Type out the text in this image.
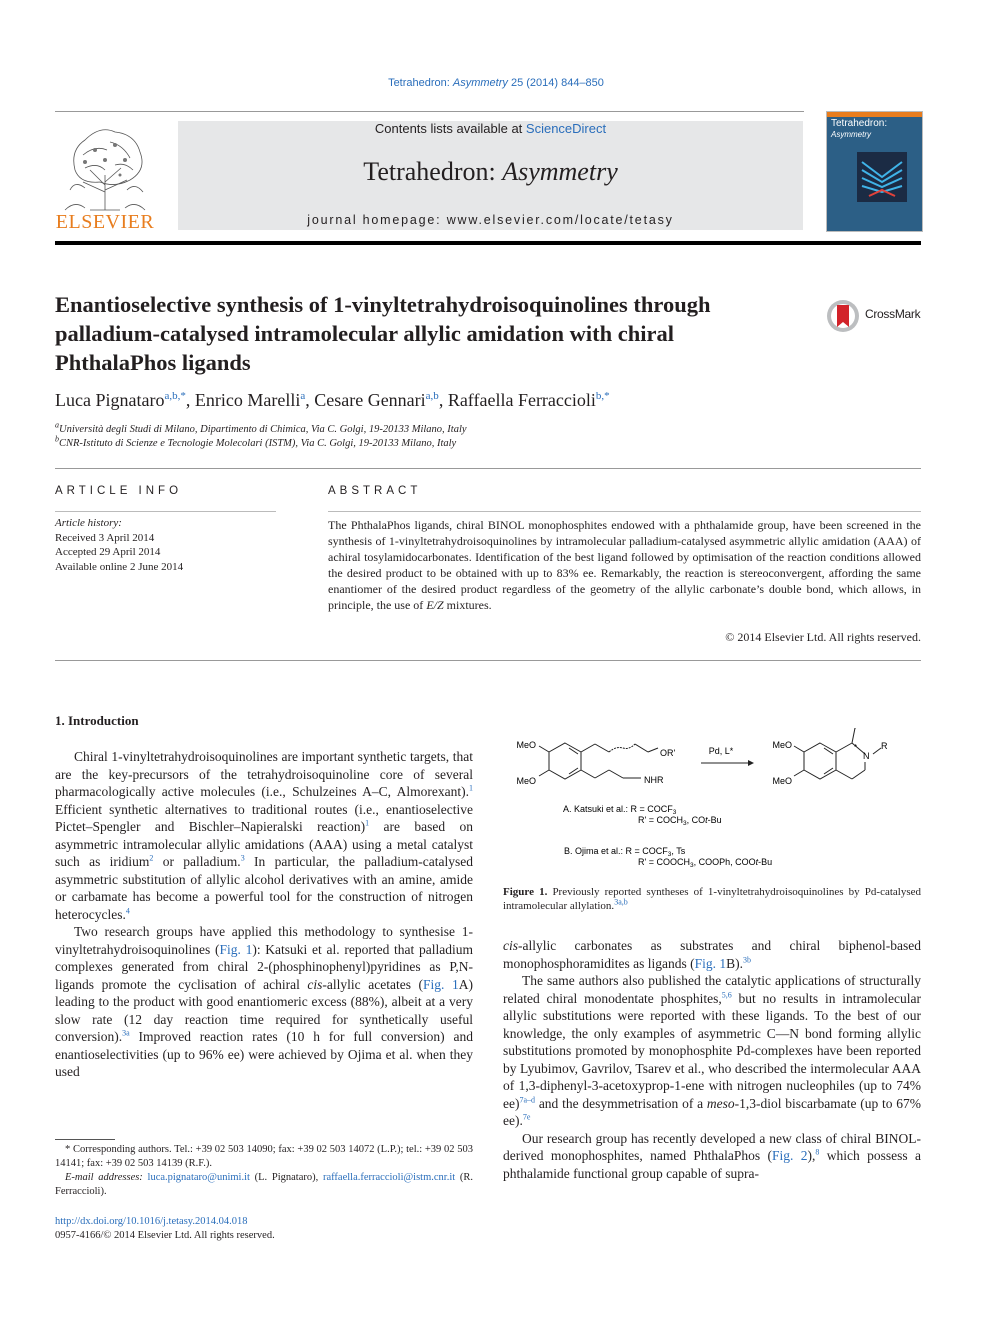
Tetrahedron: Asymmetry 25 (2014) 844–850
ELSEVIER
Contents lists available at ScienceDirect
Tetrahedron: Asymmetry
journal homepage: www.elsevier.com/locate/tetasy
Tetrahedron:
Asymmetry
Enantioselective synthesis of 1-vinyltetrahydroisoquinolines through palladium-catalysed intramolecular allylic amidation with chiral PhthalaPhos ligands
CrossMark
Luca Pignataro$^{a,b,*}$, Enrico Marelli$^a$, Cesare Gennari$^{a,b}$, Raffaella Ferraccioli$^{b,*}$
$^a$Università degli Studi di Milano, Dipartimento di Chimica, Via C. Golgi, 19-20133 Milano, Italy
$^b$CNR-Istituto di Scienze e Tecnologie Molecolari (ISTM), Via C. Golgi, 19-20133 Milano, Italy
ARTICLE INFO
Article history:
Received 3 April 2014
Accepted 29 April 2014
Available online 2 June 2014
ABSTRACT
The PhthalaPhos ligands, chiral BINOL monophosphites endowed with a phthalamide group, have been screened in the synthesis of 1-vinyltetrahydroisoquinolines by intramolecular palladium-catalysed asymmetric allylic amidation (AAA) of achiral tosylamidocarbonates. Identification of the best ligand followed by optimisation of the reaction conditions allowed the desired product to be obtained with up to 83% ee. Remarkably, the reaction is stereoconvergent, affording the same enantiomer of the desired product regardless of the geometry of the allylic carbonate’s double bond, which allows, in principle, the use of E/Z mixtures.
© 2014 Elsevier Ltd. All rights reserved.
1. Introduction

Chiral 1-vinyltetrahydroisoquinolines are important synthetic targets, that are the key-precursors of the tetrahydroisoquinoline core of several pharmacologically active molecules (i.e., Schulzeines A–C, Almorexant).$^1$ Efficient synthetic alternatives to traditional routes (i.e., enantioselective Pictet–Spengler and Bischler–Napieralski reaction)$^1$ are based on asymmetric intramolecular allylic amidations (AAA) using a metal catalyst such as iridium$^2$ or palladium.$^3$ In particular, the palladium-catalysed asymmetric substitution of allylic alcohol derivatives with an amine, amide or carbamate has become a powerful tool for the construction of nitrogen heterocycles.$^4$

Two research groups have applied this methodology to synthesise 1-vinyltetrahydroisoquinolines (Fig. 1): Katsuki et al. reported that palladium complexes generated from chiral 2-(phosphinophenyl)pyridines as P,N-ligands promote the cyclisation of achiral cis-allylic acetates (Fig. 1A) leading to the product with good enantiomeric excess (88%), albeit at a very slow rate (12 day reaction time required for synthetically useful conversion).$^{3a}$ Improved reaction rates (10 h for full conversion) and enantioselectivities (up to 96% ee) were achieved by Ojima et al. when they used

MeO
MeO
OR'
NHR
Pd, L*
MeO
MeO
N
R
*
A. Katsuki et al.: $R = COCF_3$
$R' = COCH_3$, COt-Bu
B. Ojima et al.: $R = COCF_3$, Ts
$R' = COOCH_3$, COOPh, COOt-Bu
Figure 1. Previously reported syntheses of 1-vinyltetrahydroisoquinolines by Pd-catalysed intramolecular allylation.$^{3a,b}$

cis-allylic carbonates as substrates and chiral biphenol-based monophosphoramidites as ligands (Fig. 1B).$^{3b}$

The same authors also published the catalytic applications of structurally related chiral monodentate phosphites,$^{5,6}$ but no results in intramolecular allylic substitutions were reported with these ligands. To the best of our knowledge, the only examples of asymmetric C—N bond forming allylic substitutions promoted by monophosphite Pd-complexes have been reported by Lyubimov, Gavrilov, Tsarev et al., who described the intermolecular AAA of 1,3-diphenyl-3-acetoxyprop-1-ene with nitrogen nucleophiles (up to 74% ee)$^{7a-d}$ and the desymmetrisation of a meso-1,3-diol biscarbamate (up to 67% ee).$^{7e}$

Our research group has recently developed a new class of chiral BINOL-derived monophosphites, named PhthalaPhos (Fig. 2),$^8$ which possess a phthalamide functional group capable of supra-

* Corresponding authors. Tel.: +39 02 503 14090; fax: +39 02 503 14072 (L.P.); tel.: +39 02 503 14141; fax: +39 02 503 14139 (R.F.).
E-mail addresses: luca.pignataro@unimi.it (L. Pignataro), raffaella.ferraccioli@istm.cnr.it (R. Ferraccioli).
http://dx.doi.org/10.1016/j.tetasy.2014.04.018
0957-4166/© 2014 Elsevier Ltd. All rights reserved.
